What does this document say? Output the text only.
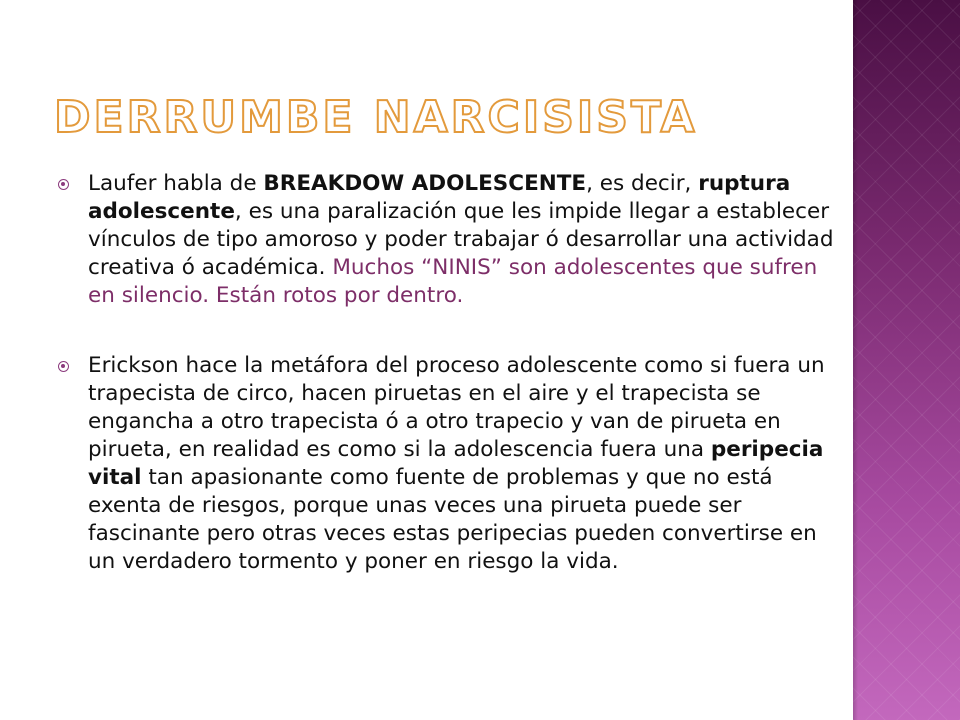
DERRUMBE NARCISISTA

Laufer habla de BREAKDOW ADOLESCENTE, es decir, ruptura adolescente, es una paralización que les impide llegar a establecer vínculos de tipo amoroso y poder trabajar ó desarrollar una actividad creativa ó académica. Muchos “NINIS” son adolescentes que sufren en silencio. Están rotos por dentro.

Erickson hace la metáfora del proceso adolescente como si fuera un trapecista de circo, hacen piruetas en el aire y el trapecista se engancha a otro trapecista ó a otro trapecio y van de pirueta en pirueta, en realidad es como si la adolescencia fuera una peripecia vital tan apasionante como fuente de problemas y que no está exenta de riesgos, porque unas veces una pirueta puede ser fascinante pero otras veces estas peripecias pueden convertirse en un verdadero tormento y poner en riesgo la vida.
